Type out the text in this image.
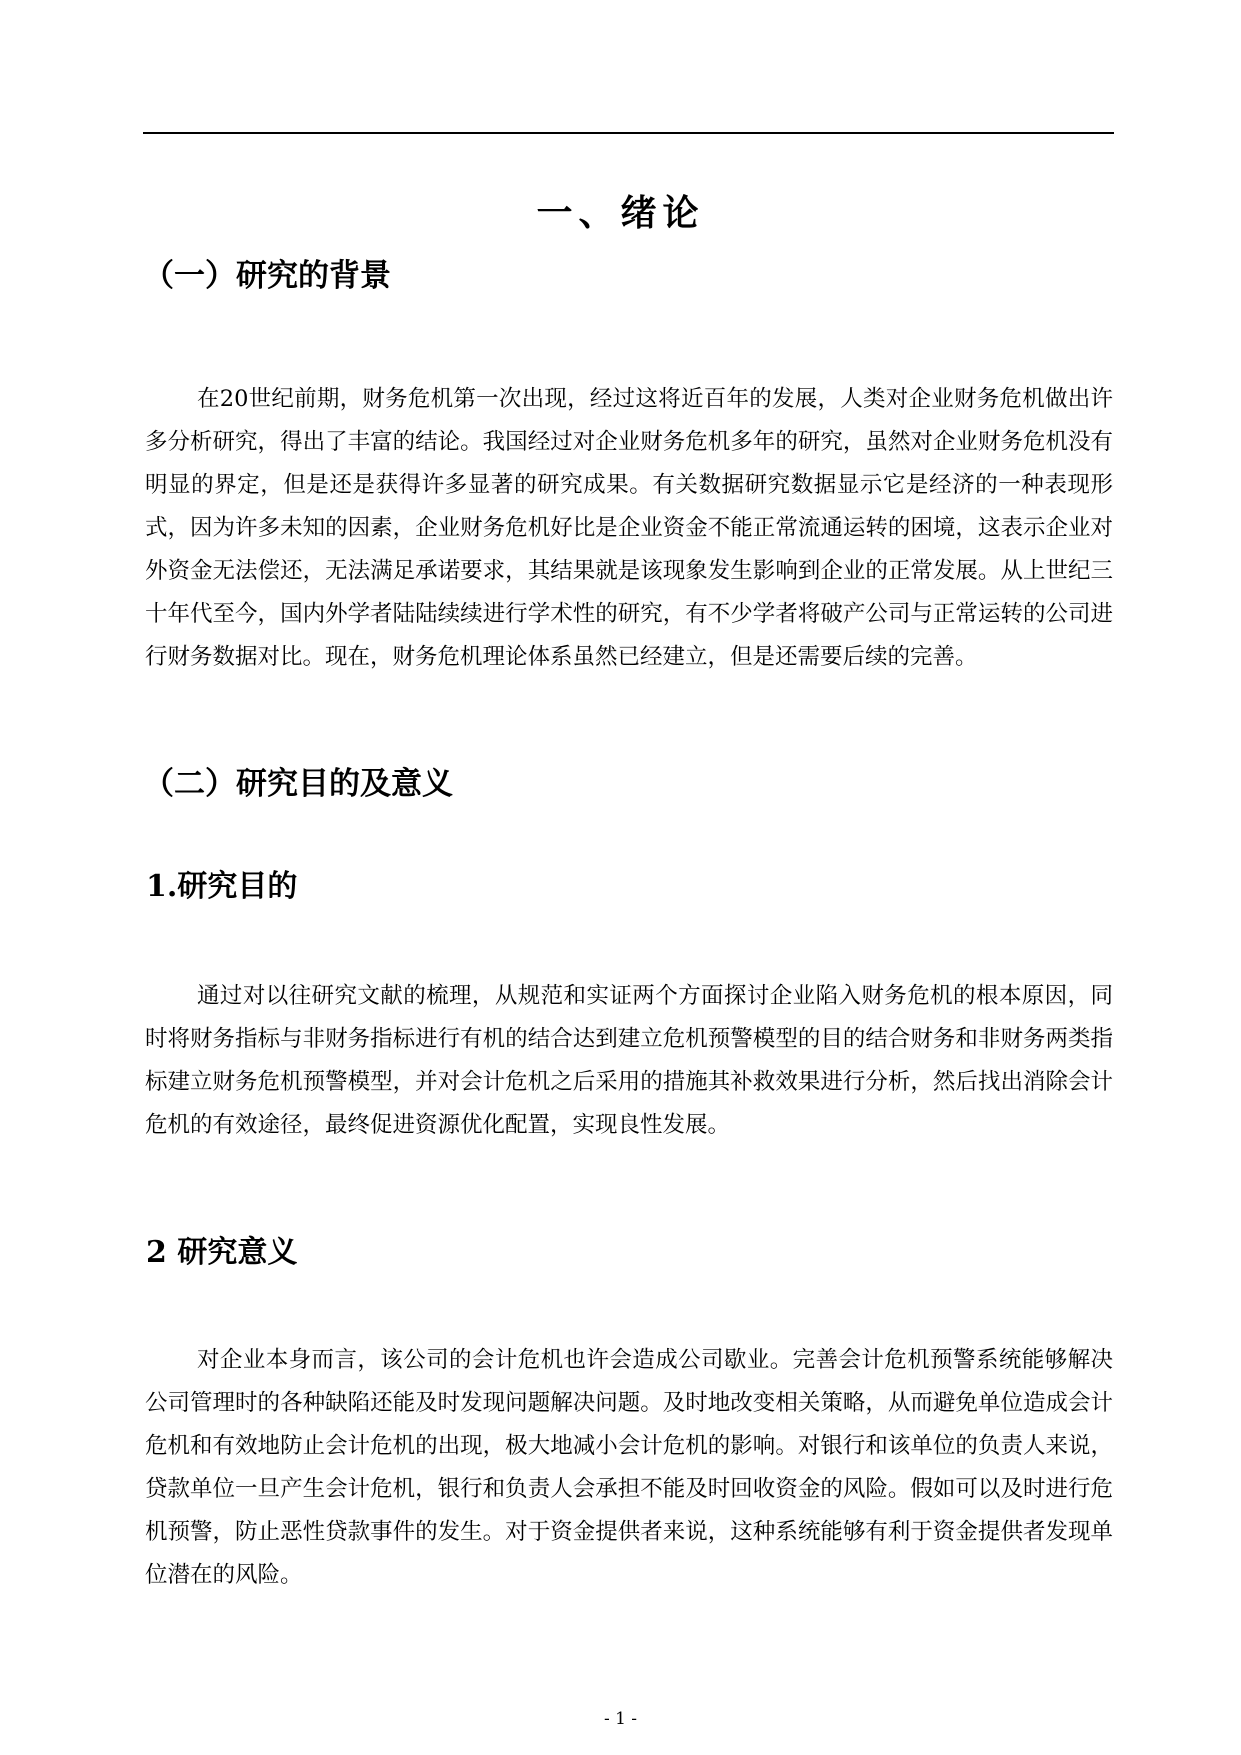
一、绪论
（一）研究的背景

在20世纪前期，财务危机第一次出现，经过这将近百年的发展，人类对企业财务危机做出许多分析研究，得出了丰富的结论。我国经过对企业财务危机多年的研究，虽然对企业财务危机没有明显的界定，但是还是获得许多显著的研究成果。有关数据研究数据显示它是经济的一种表现形式，因为许多未知的因素，企业财务危机好比是企业资金不能正常流通运转的困境，这表示企业对外资金无法偿还，无法满足承诺要求，其结果就是该现象发生影响到企业的正常发展。从上世纪三十年代至今，国内外学者陆陆续续进行学术性的研究，有不少学者将破产公司与正常运转的公司进行财务数据对比。现在，财务危机理论体系虽然已经建立，但是还需要后续的完善。

（二）研究目的及意义
1.研究目的

通过对以往研究文献的梳理，从规范和实证两个方面探讨企业陷入财务危机的根本原因，同时将财务指标与非财务指标进行有机的结合达到建立危机预警模型的目的结合财务和非财务两类指标建立财务危机预警模型，并对会计危机之后采用的措施其补救效果进行分析，然后找出消除会计危机的有效途径，最终促进资源优化配置，实现良性发展。

2 研究意义

对企业本身而言，该公司的会计危机也许会造成公司歇业。完善会计危机预警系统能够解决公司管理时的各种缺陷还能及时发现问题解决问题。及时地改变相关策略，从而避免单位造成会计危机和有效地防止会计危机的出现，极大地减小会计危机的影响。对银行和该单位的负责人来说，贷款单位一旦产生会计危机，银行和负责人会承担不能及时回收资金的风险。假如可以及时进行危机预警，防止恶性贷款事件的发生。对于资金提供者来说，这种系统能够有利于资金提供者发现单位潜在的风险。

- 1 -
